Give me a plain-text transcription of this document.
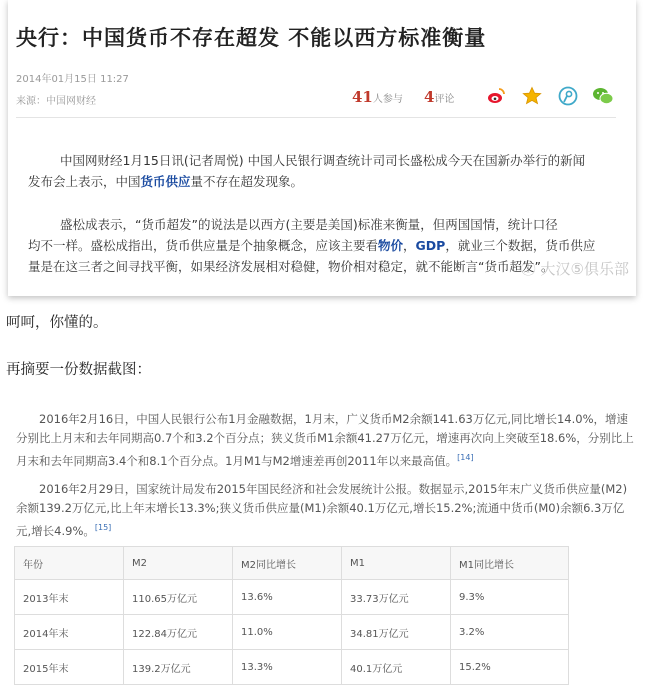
央行：中国货币不存在超发 不能以西方标准衡量
2014年01月15日 11:27
来源：中国网财经	41人参与 4评论
中国网财经1月15日讯(记者周悦) 中国人民银行调查统计司司长盛松成今天在国新办举行的新闻
发布会上表示，中国货币供应量不存在超发现象。
盛松成表示，“货币超发”的说法是以西方(主要是美国)标准来衡量，但两国国情，统计口径
均不一样。盛松成指出，货币供应量是个抽象概念，应该主要看物价，GDP，就业三个数据，货币供应
量是在这三者之间寻找平衡，如果经济发展相对稳健，物价相对稳定，就不能断言“货币超发”。
ⓘ 大汉⑤俱乐部
呵呵，你懂的。
再摘要一份数据截图：
2016年2月16日，中国人民银行公布1月金融数据，1月末，广义货币M2余额141.63万亿元,同比增长14.0%，增速分别比上月末和去年同期高0.7个和3.2个百分点；狭义货币M1余额41.27万亿元，增速再次向上突破至18.6%，分别比上月末和去年同期高3.4个和8.1个百分点。1月M1与M2增速差再创2011年以来最高值。[14]
2016年2月29日，国家统计局发布2015年国民经济和社会发展统计公报。数据显示,2015年末广义货币供应量(M2)余额139.2万亿元,比上年末增长13.3%;狭义货币供应量(M1)余额40.1万亿元,增长15.2%;流通中货币(M0)余额6.3万亿元,增长4.9%。[15]
年份	M2	M2同比增长	M1	M1同比增长
2013年末	110.65万亿元	13.6%	33.73万亿元	9.3%
2014年末	122.84万亿元	11.0%	34.81万亿元	3.2%
2015年末	139.2万亿元	13.3%	40.1万亿元	15.2%
